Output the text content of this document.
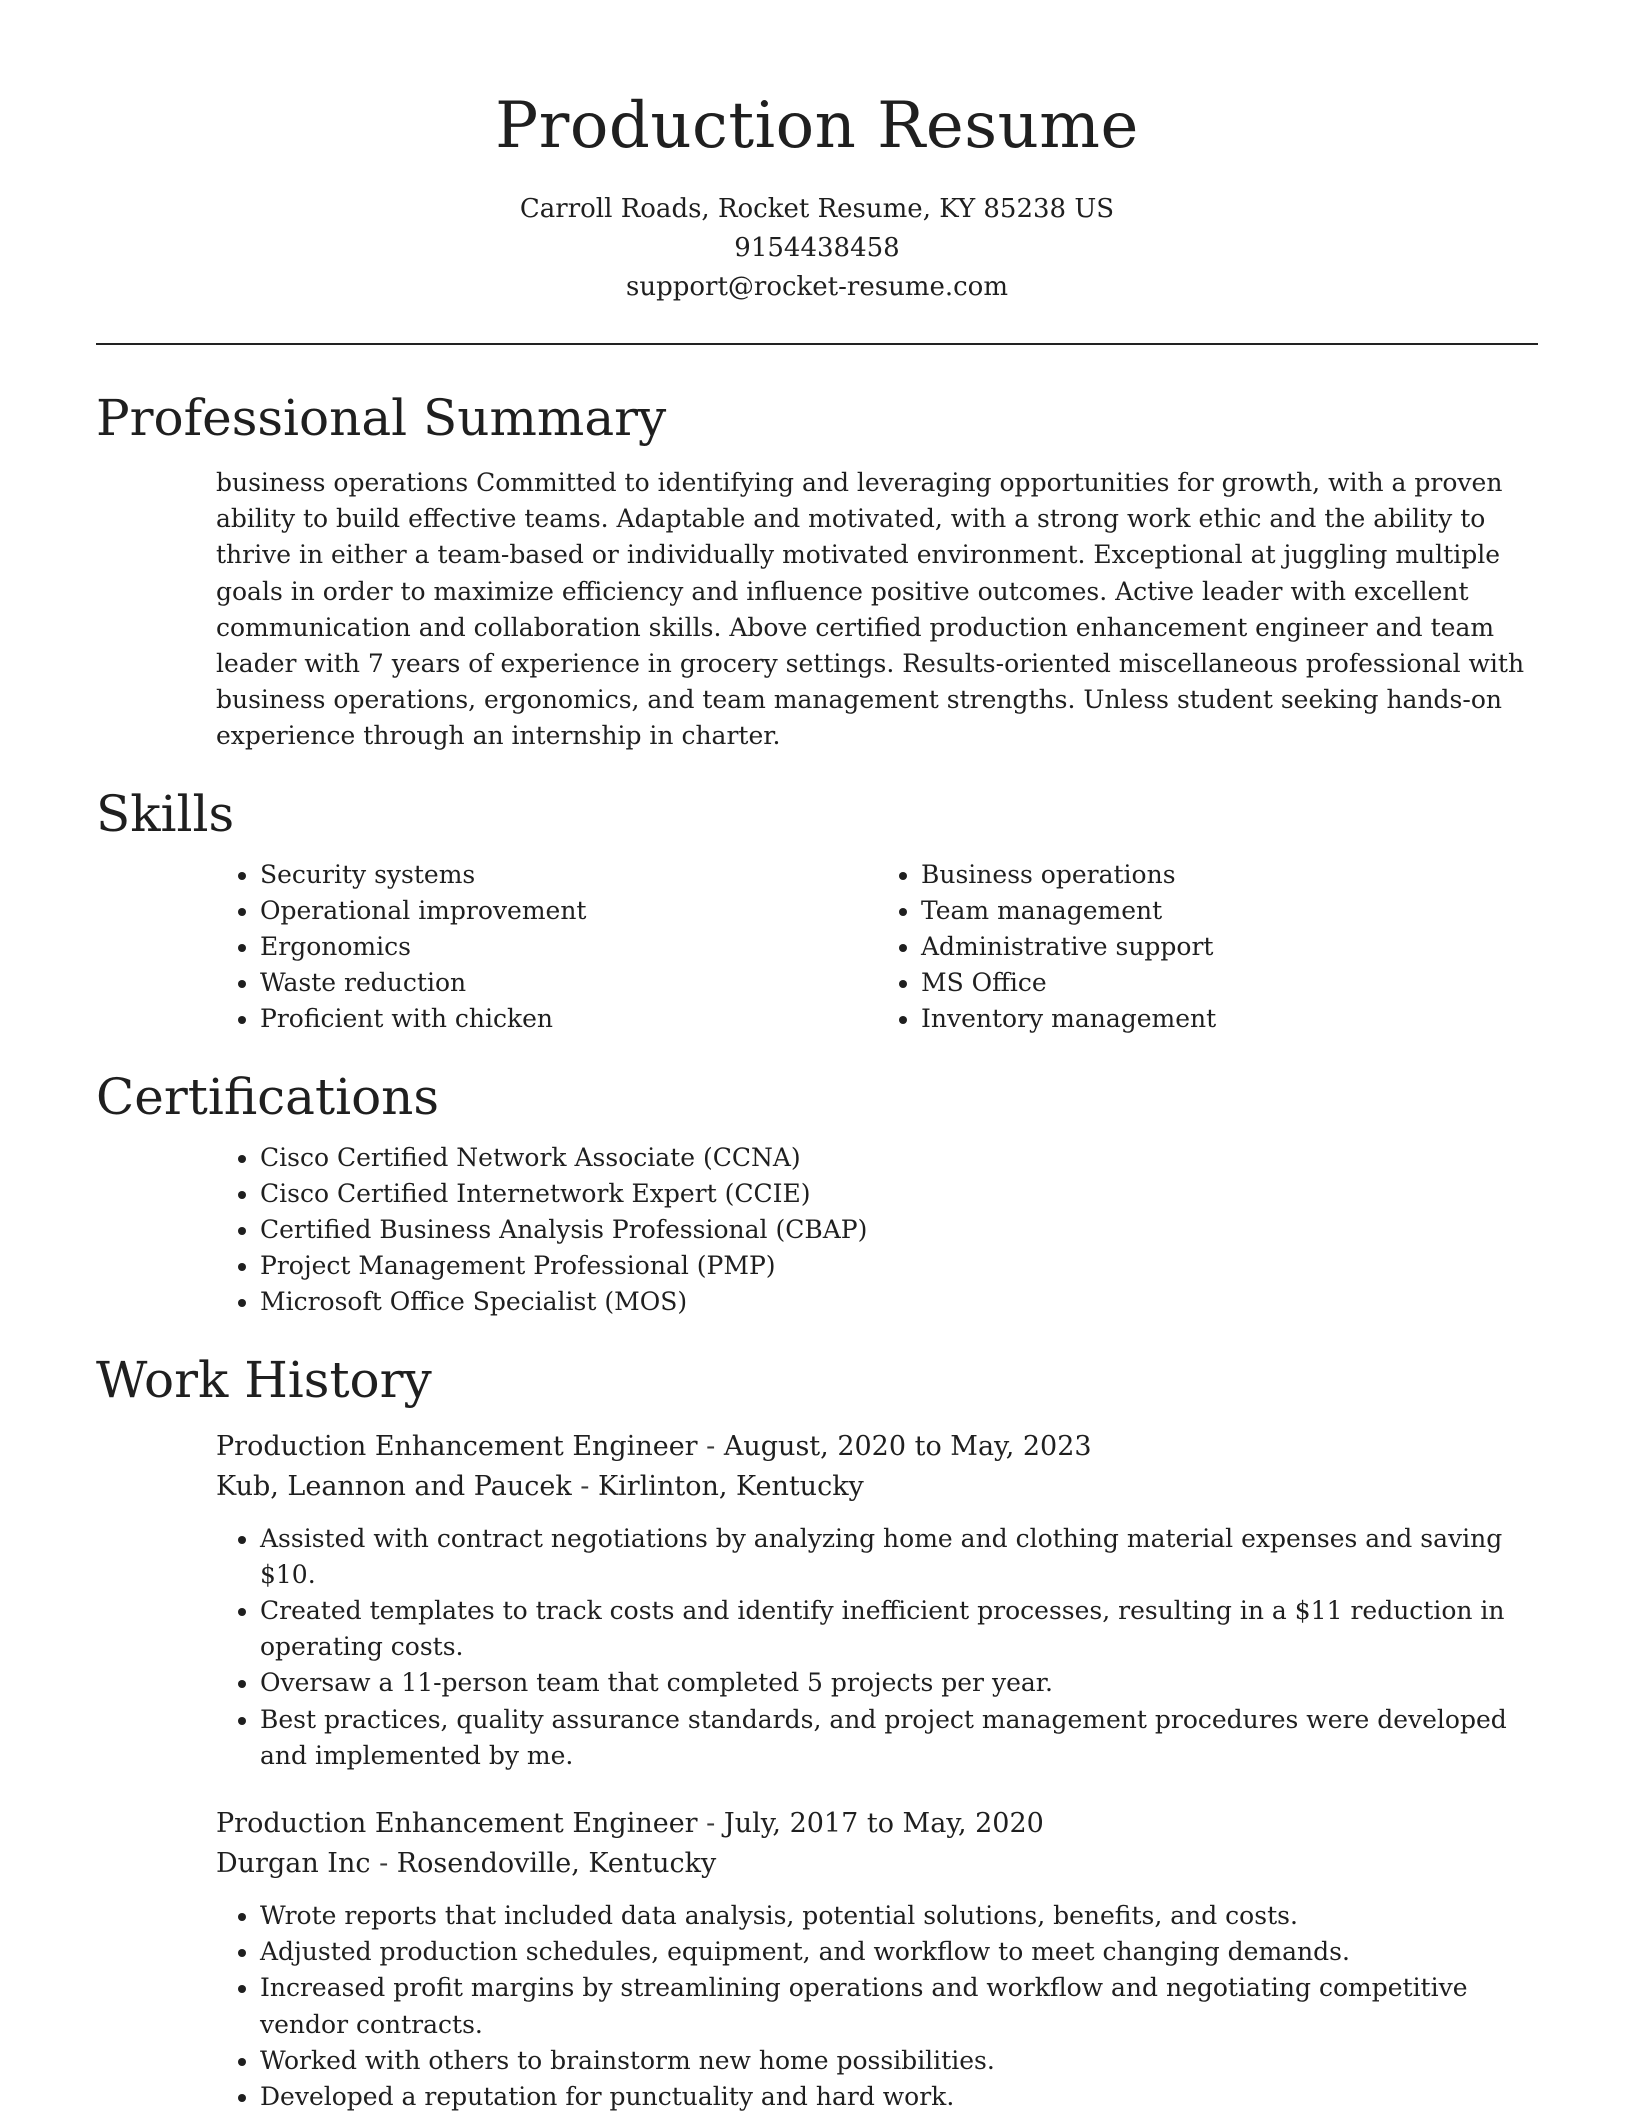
Production Resume
Carroll Roads, Rocket Resume, KY 85238 US
9154438458
support@rocket-resume.com
Professional Summary

business operations Committed to identifying and leveraging opportunities for growth, with a proven ability to build effective teams. Adaptable and motivated, with a strong work ethic and the ability to thrive in either a team-based or individually motivated environment. Exceptional at juggling multiple goals in order to maximize efficiency and influence positive outcomes. Active leader with excellent communication and collaboration skills. Above certified production enhancement engineer and team leader with 7 years of experience in grocery settings. Results-oriented miscellaneous professional with business operations, ergonomics, and team management strengths. Unless student seeking hands-on experience through an internship in charter.

Skills
• Security systems
• Operational improvement
• Ergonomics
• Waste reduction
• Proficient with chicken
• Business operations
• Team management
• Administrative support
• MS Office
• Inventory management
Certifications
• Cisco Certified Network Associate (CCNA)
• Cisco Certified Internetwork Expert (CCIE)
• Certified Business Analysis Professional (CBAP)
• Project Management Professional (PMP)
• Microsoft Office Specialist (MOS)
Work History

Production Enhancement Engineer - August, 2020 to May, 2023

Kub, Leannon and Paucek - Kirlinton, Kentucky

• Assisted with contract negotiations by analyzing home and clothing material expenses and saving $10.
• Created templates to track costs and identify inefficient processes, resulting in a $11 reduction in operating costs.
• Oversaw a 11-person team that completed 5 projects per year.
• Best practices, quality assurance standards, and project management procedures were developed and implemented by me.

Production Enhancement Engineer - July, 2017 to May, 2020

Durgan Inc - Rosendoville, Kentucky

• Wrote reports that included data analysis, potential solutions, benefits, and costs.
• Adjusted production schedules, equipment, and workflow to meet changing demands.
• Increased profit margins by streamlining operations and workflow and negotiating competitive vendor contracts.
• Worked with others to brainstorm new home possibilities.
• Developed a reputation for punctuality and hard work.
